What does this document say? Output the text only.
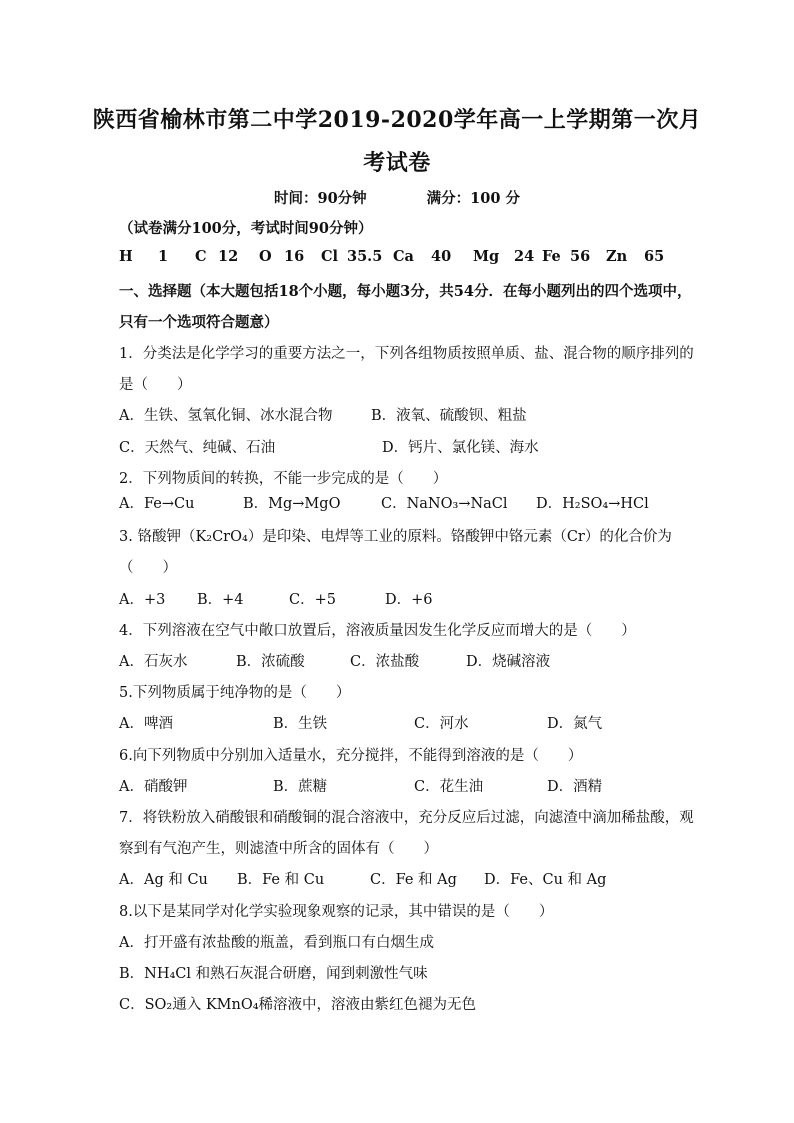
陕西省榆林市第二中学2019-2020学年高一上学期第一次月
考试卷
时间：90分钟	满分：100 分
（试卷满分100分，考试时间90分钟）
H 1 C 12 O 16 Cl 35.5 Ca 40 Mg 24 Fe 56 Zn 65
一、选择题（本大题包括18个小题，每小题3分，共54分．在每小题列出的四个选项中，
只有一个选项符合题意）
1．分类法是化学学习的重要方法之一，下列各组物质按照单质、盐、混合物的顺序排列的
是（　　）
A．生铁、氢氧化铜、冰水混合物	B．液氧、硫酸钡、粗盐
C．天然气、纯碱、石油	D．钙片、氯化镁、海水
2．下列物质间的转换，不能一步完成的是（　　）
A．Fe→Cu	B．Mg→MgO	C．NaNO₃→NaCl D．H₂SO₄→HCl
3. 铬酸钾（K₂CrO₄）是印染、电焊等工业的原料。铬酸钾中铬元素（Cr）的化合价为
（　　）
A．+3 B．+4	C．+5	D．+6
4．下列溶液在空气中敞口放置后，溶液质量因发生化学反应而增大的是（　　）
A．石灰水	B．浓硫酸	C．浓盐酸	D．烧碱溶液
5.下列物质属于纯净物的是（　　）
A．啤酒	B．生铁	C．河水	D．氮气
6.向下列物质中分别加入适量水，充分搅拌，不能得到溶液的是（　　）
A．硝酸钾	B．蔗糖	C．花生油	D．酒精
7．将铁粉放入硝酸银和硝酸铜的混合溶液中，充分反应后过滤，向滤渣中滴加稀盐酸，观
察到有气泡产生，则滤渣中所含的固体有（　　）
A．Ag 和 Cu B．Fe 和 Cu	C．Fe 和 Ag D．Fe、Cu 和 Ag
8.以下是某同学对化学实验现象观察的记录，其中错误的是（　　）
A．打开盛有浓盐酸的瓶盖，看到瓶口有白烟生成
B．NH₄Cl 和熟石灰混合研磨，闻到刺激性气味
C．SO₂通入 KMnO₄稀溶液中，溶液由紫红色褪为无色
